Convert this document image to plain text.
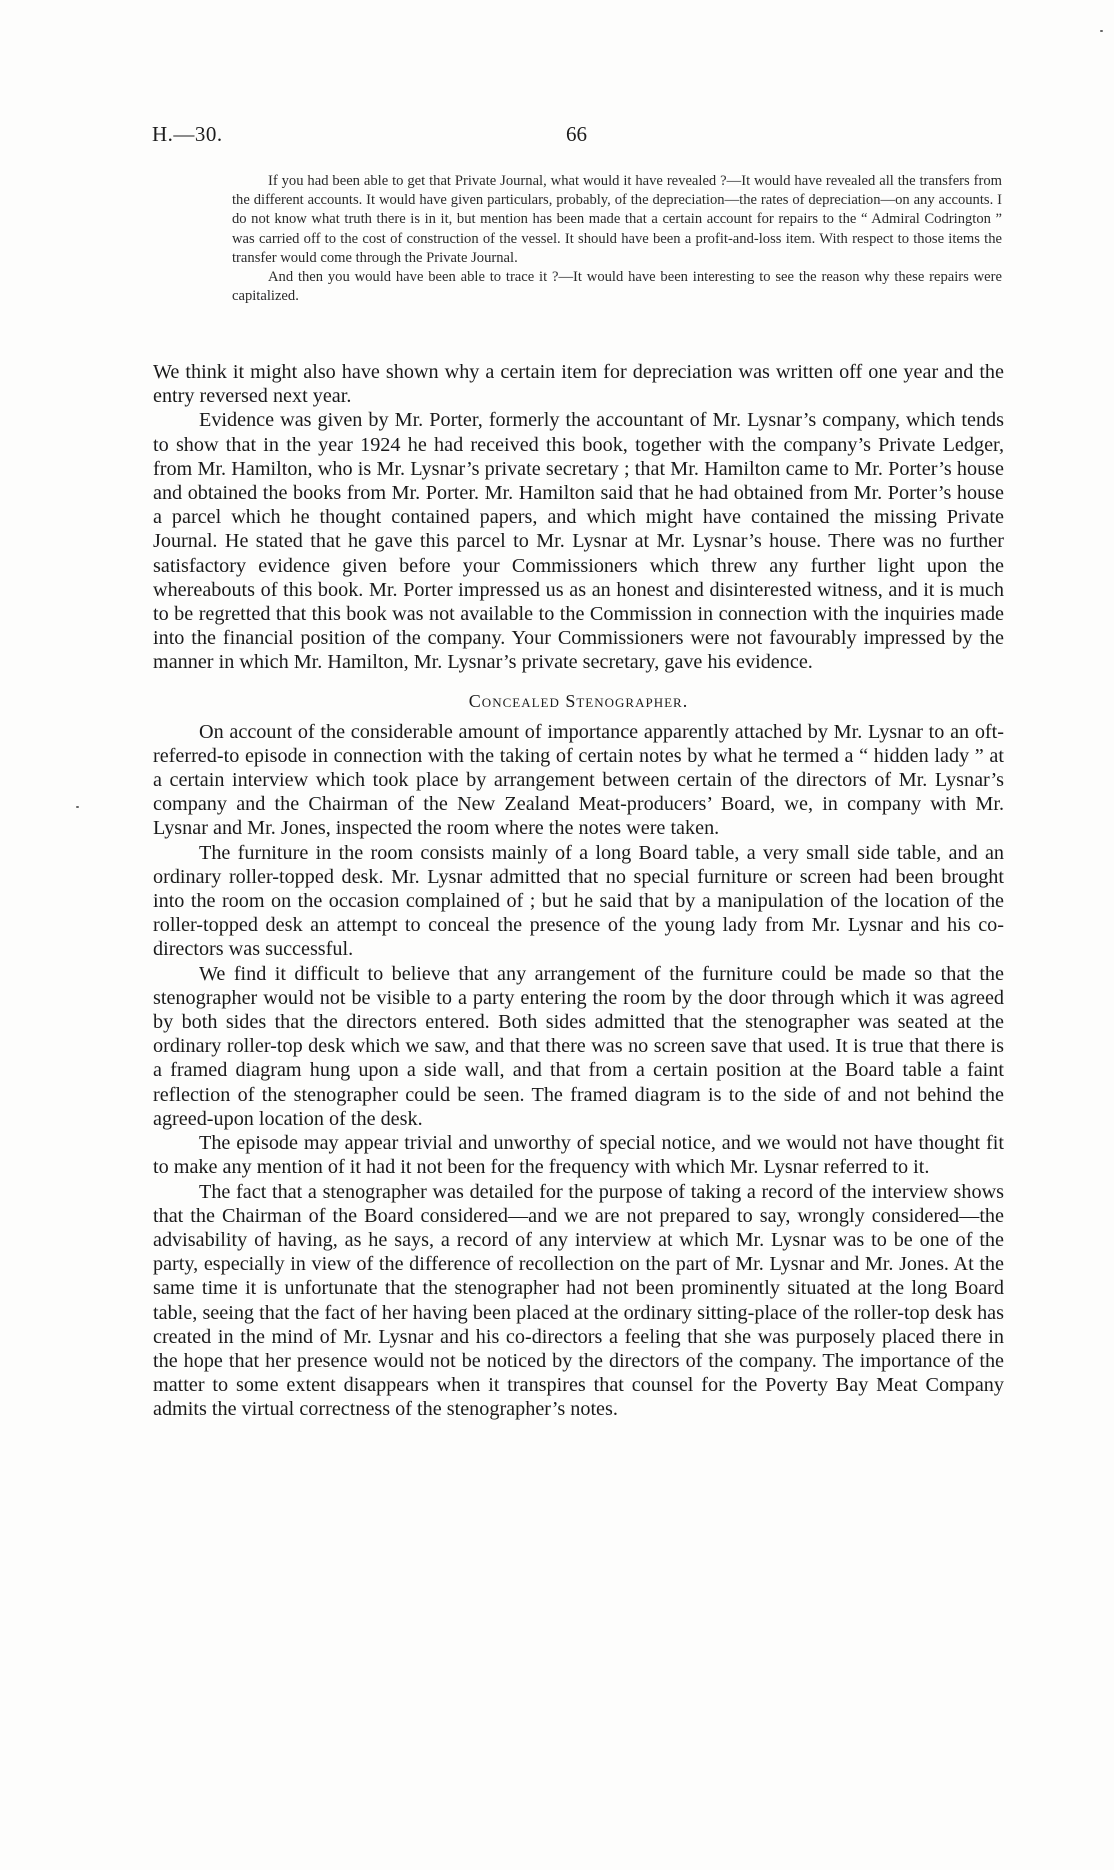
H.—30.	66

If you had been able to get that Private Journal, what would it have revealed ?—It would have revealed all the transfers from the different accounts. It would have given particulars, probably, of the depreciation—the rates of depreciation—on any accounts. I do not know what truth there is in it, but mention has been made that a certain account for repairs to the “ Admiral Codrington ” was carried off to the cost of construction of the vessel. It should have been a profit-and-loss item. With respect to those items the transfer would come through the Private Journal.

And then you would have been able to trace it ?—It would have been interesting to see the reason why these repairs were capitalized.

We think it might also have shown why a certain item for depreciation was written off one year and the entry reversed next year.

Evidence was given by Mr. Porter, formerly the accountant of Mr. Lysnar’s company, which tends to show that in the year 1924 he had received this book, together with the company’s Private Ledger, from Mr. Hamilton, who is Mr. Lysnar’s private secretary ; that Mr. Hamilton came to Mr. Porter’s house and obtained the books from Mr. Porter. Mr. Hamilton said that he had obtained from Mr. Porter’s house a parcel which he thought contained papers, and which might have contained the missing Private Journal. He stated that he gave this parcel to Mr. Lysnar at Mr. Lysnar’s house. There was no further satisfactory evidence given before your Commissioners which threw any further light upon the whereabouts of this book. Mr. Porter impressed us as an honest and disinterested witness, and it is much to be regretted that this book was not available to the Commission in connection with the inquiries made into the financial position of the company. Your Commissioners were not favourably impressed by the manner in which Mr. Hamilton, Mr. Lysnar’s private secretary, gave his evidence.

Concealed Stenographer.

On account of the considerable amount of importance apparently attached by Mr. Lysnar to an oft-referred-to episode in connection with the taking of certain notes by what he termed a “ hidden lady ” at a certain interview which took place by arrangement between certain of the directors of Mr. Lysnar’s company and the Chairman of the New Zealand Meat-producers’ Board, we, in company with Mr. Lysnar and Mr. Jones, inspected the room where the notes were taken.

The furniture in the room consists mainly of a long Board table, a very small side table, and an ordinary roller-topped desk. Mr. Lysnar admitted that no special furniture or screen had been brought into the room on the occasion complained of ; but he said that by a manipulation of the location of the roller-topped desk an attempt to conceal the presence of the young lady from Mr. Lysnar and his co-directors was successful.

We find it difficult to believe that any arrangement of the furniture could be made so that the stenographer would not be visible to a party entering the room by the door through which it was agreed by both sides that the directors entered. Both sides admitted that the stenographer was seated at the ordinary roller-top desk which we saw, and that there was no screen save that used. It is true that there is a framed diagram hung upon a side wall, and that from a certain position at the Board table a faint reflection of the stenographer could be seen. The framed diagram is to the side of and not behind the agreed-upon location of the desk.

The episode may appear trivial and unworthy of special notice, and we would not have thought fit to make any mention of it had it not been for the frequency with which Mr. Lysnar referred to it.

The fact that a stenographer was detailed for the purpose of taking a record of the interview shows that the Chairman of the Board considered—and we are not prepared to say, wrongly considered—the advisability of having, as he says, a record of any interview at which Mr. Lysnar was to be one of the party, especially in view of the difference of recollection on the part of Mr. Lysnar and Mr. Jones. At the same time it is unfortunate that the stenographer had not been prominently situated at the long Board table, seeing that the fact of her having been placed at the ordinary sitting-place of the roller-top desk has created in the mind of Mr. Lysnar and his co-directors a feeling that she was purposely placed there in the hope that her presence would not be noticed by the directors of the company. The importance of the matter to some extent disappears when it transpires that counsel for the Poverty Bay Meat Company admits the virtual correctness of the stenographer’s notes.
